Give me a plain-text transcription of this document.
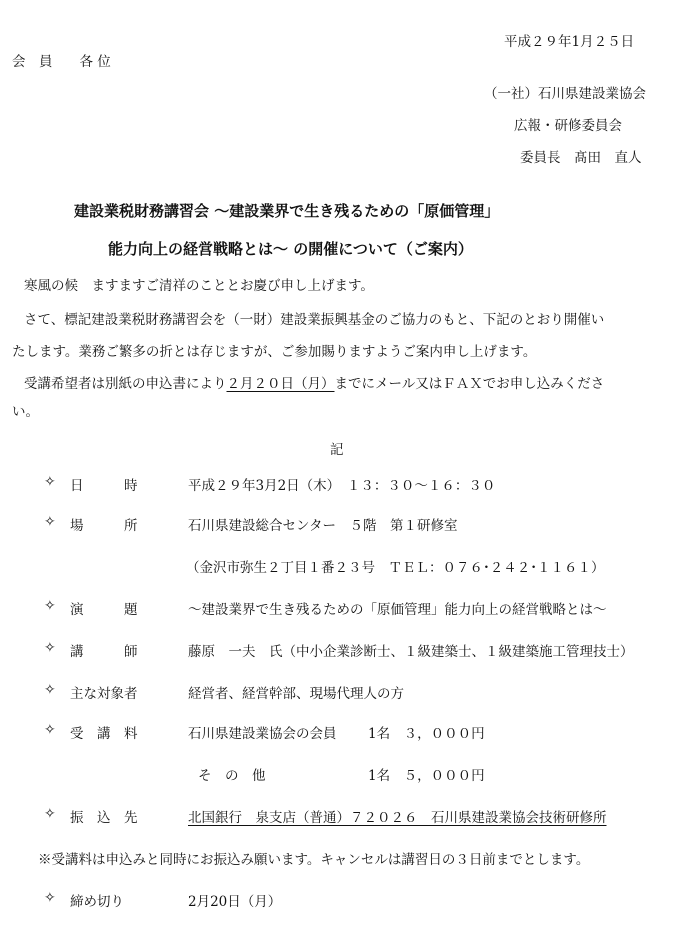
平成２９年1月２５日
会　員　　各 位
（一社）石川県建設業協会
広報・研修委員会
委員長　髙田　直人
建設業税財務講習会 ～建設業界で生き残るための「原価管理」
能力向上の経営戦略とは～ の開催について（ご案内）
寒風の候　ますますご清祥のこととお慶び申し上げます。
さて、標記建設業税財務講習会を（一財）建設業振興基金のご協力のもと、下記のとおり開催い
たします。業務ご繁多の折とは存じますが、ご参加賜りますようご案内申し上げます。
受講希望者は別紙の申込書により２月２０日（月）までにメール又はＦＡＸでお申し込みくださ
い。
記
✧ 日　　　時	平成２９年3月2日（木）　１３：３０～１６：３０
✧ 場　　　所	石川県建設総合センター　５階　第１研修室
（金沢市弥生２丁目１番２３号　ＴＥＬ：０７６･２４２･１１６１）
✧ 演　　　題	～建設業界で生き残るための「原価管理」能力向上の経営戦略とは～
✧ 講　　　師	藤原　一夫　氏（中小企業診断士、１級建築士、１級建築施工管理技士）
✧ 主な対象者	経営者、経営幹部、現場代理人の方
✧ 受　講　料	石川県建設業協会の会員 1名　３，０００円
そ　の　他	1名　５，０００円
✧ 振　込　先	北国銀行　泉支店（普通）７２０２６　石川県建設業協会技術研修所
※受講料は申込みと同時にお振込み願います。キャンセルは講習日の３日前までとします。
✧ 締め切り	2月20日（月）
